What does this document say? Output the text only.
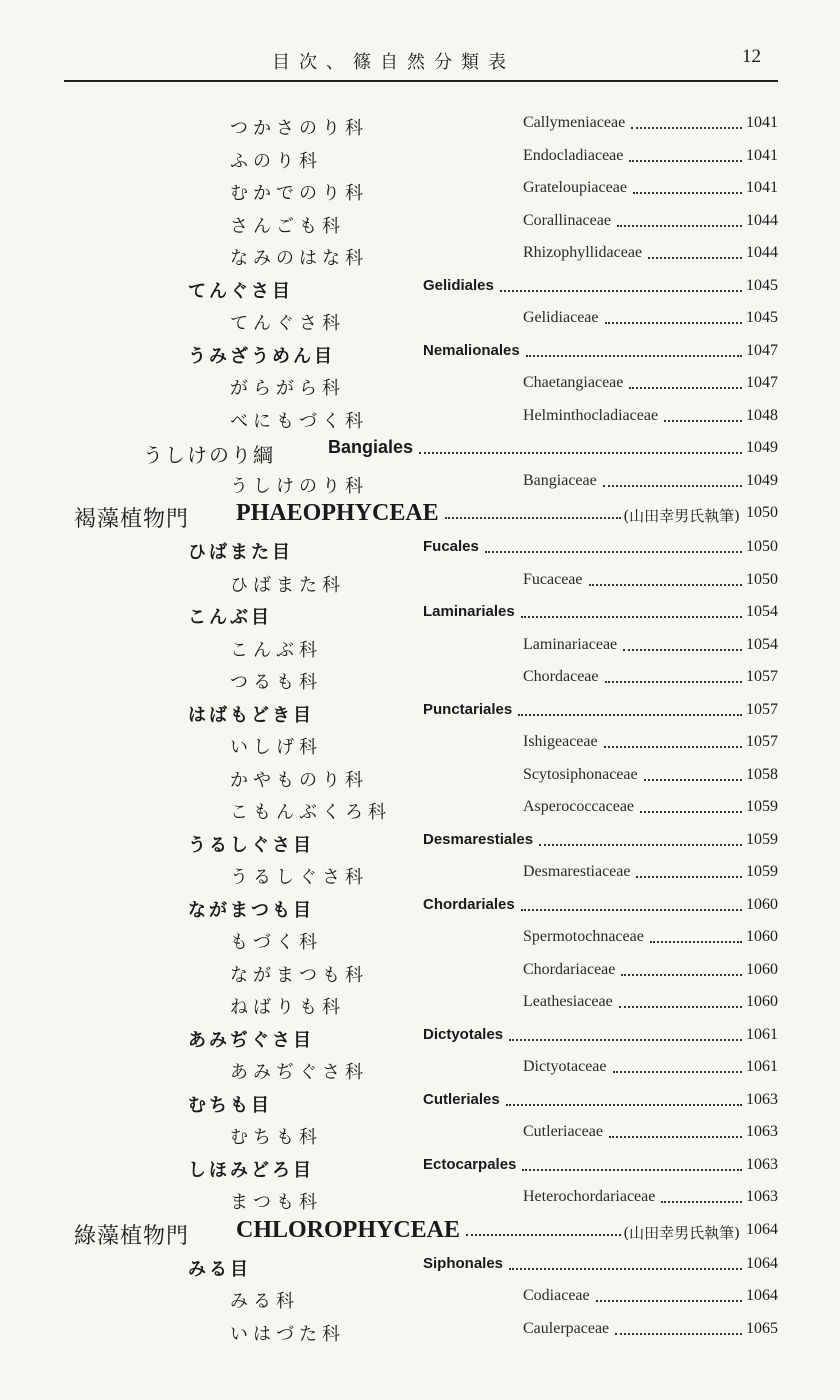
目次、篠自然分類表	12
つかさのり科	Callymeniaceae	1041
ふのり科	Endocladiaceae	1041
むかでのり科	Grateloupiaceae	1041
さんごも科	Corallinaceae	1044
なみのはな科	Rhizophyllidaceae	1044
てんぐさ目	Gelidiales	1045
てんぐさ科	Gelidiaceae	1045
うみざうめん目	Nemalionales	1047
がらがら科	Chaetangiaceae	1047
べにもづく科	Helminthocladiaceae	1048
うしけのり綱	Bangiales	1049
うしけのり科	Bangiaceae	1049
褐藻植物門 PHAEOPHYCEAE	(山田幸男氏執筆) 1050
ひばまた目	Fucales	1050
ひばまた科	Fucaceae	1050
こんぶ目	Laminariales	1054
こんぶ科	Laminariaceae	1054
つるも科	Chordaceae	1057
はばもどき目	Punctariales	1057
いしげ科	Ishigeaceae	1057
かやものり科	Scytosiphonaceae	1058
こもんぶくろ科	Asperococcaceae	1059
うるしぐさ目	Desmarestiales	1059
うるしぐさ科	Desmarestiaceae	1059
ながまつも目	Chordariales	1060
もづく科	Spermotochnaceae	1060
ながまつも科	Chordariaceae	1060
ねばりも科	Leathesiaceae	1060
あみぢぐさ目	Dictyotales	1061
あみぢぐさ科	Dictyotaceae	1061
むちも目	Cutleriales	1063
むちも科	Cutleriaceae	1063
しほみどろ目	Ectocarpales	1063
まつも科	Heterochordariaceae	1063
綠藻植物門 CHLOROPHYCEAE	(山田幸男氏執筆) 1064
みる目	Siphonales	1064
みる科	Codiaceae	1064
いはづた科	Caulerpaceae	1065
